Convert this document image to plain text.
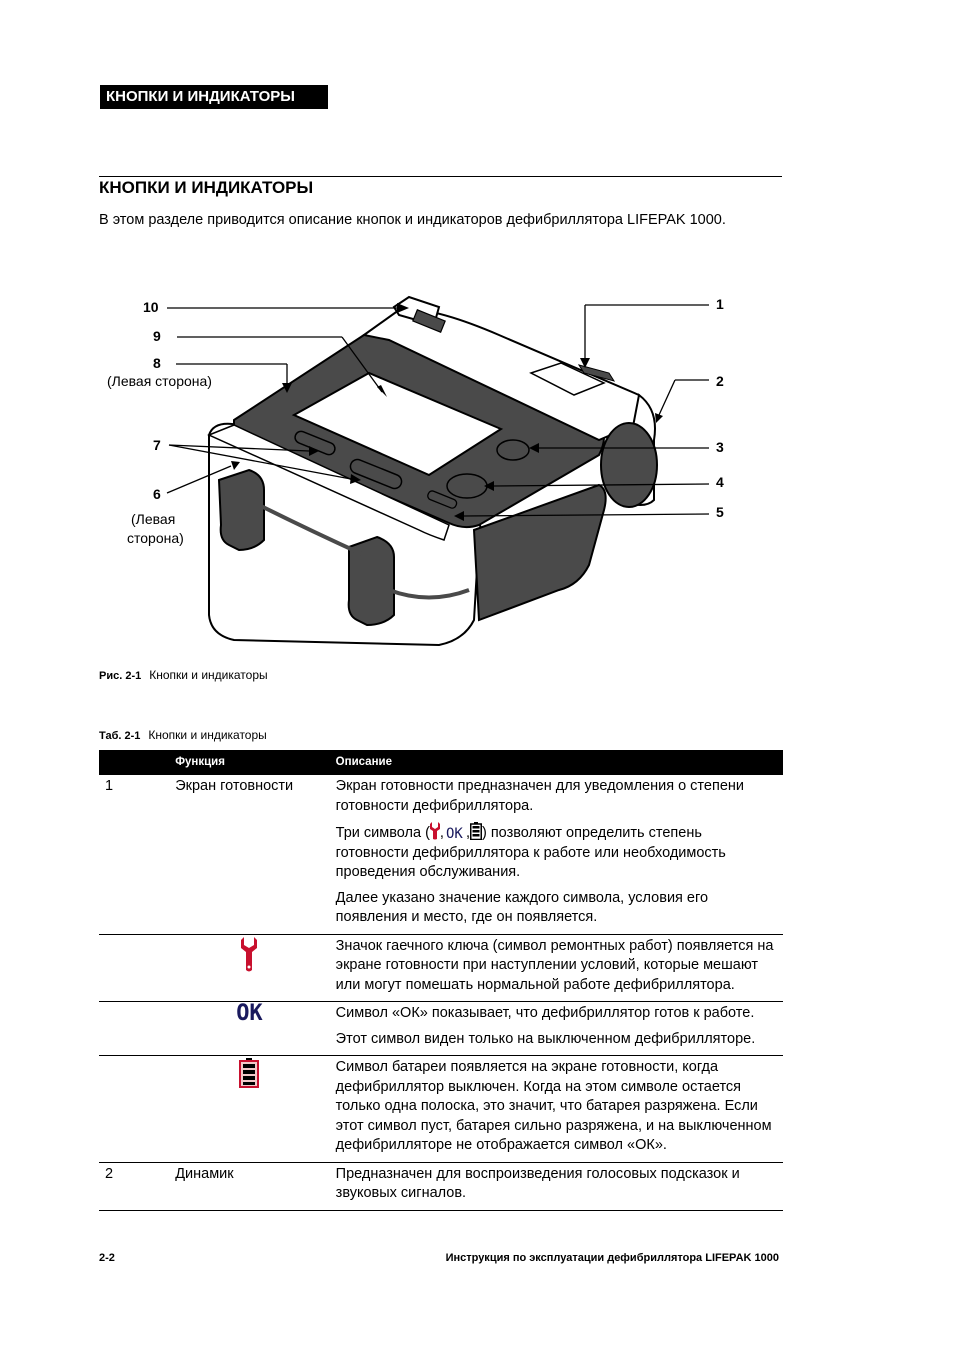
КНОПКИ И ИНДИКАТОРЫ
КНОПКИ И ИНДИКАТОРЫ
В этом разделе приводится описание кнопок и индикаторов дефибриллятора LIFEPAK 1000.
10
9
8
(Левая сторона)
7
6
(Левая
сторона)
1
2
3
4
5
Рис. 2-1 Кнопки и индикаторы
Таб. 2-1 Кнопки и индикаторы
	Функция	Описание
1	Экран готовности	Экран готовности предназначен для уведомления о степени готовности дефибриллятора.

Три символа ( , OK , ) позволяют определить степень готовности дефибриллятора к работе или необходимость проведения обслуживания.

Далее указано значение каждого символа, условия его появления и место, где он появляется.

		Значок гаечного ключа (символ ремонтных работ) появляется на экране готовности при наступлении условий, которые мешают или могут помешать нормальной работе дефибриллятора.
	OK	Символ «ОК» показывает, что дефибриллятор готов к работе.

Этот символ виден только на выключенном дефибрилляторе.

		Символ батареи появляется на экране готовности, когда дефибриллятор выключен. Когда на этом символе остается только одна полоска, это значит, что батарея разряжена. Если этот символ пуст, батарея сильно разряжена, и на выключенном дефибрилляторе не отображается символ «ОК».
2	Динамик	Предназначен для воспроизведения голосовых подсказок и звуковых сигналов.
2-2	Инструкция по эксплуатации дефибриллятора LIFEPAK 1000
